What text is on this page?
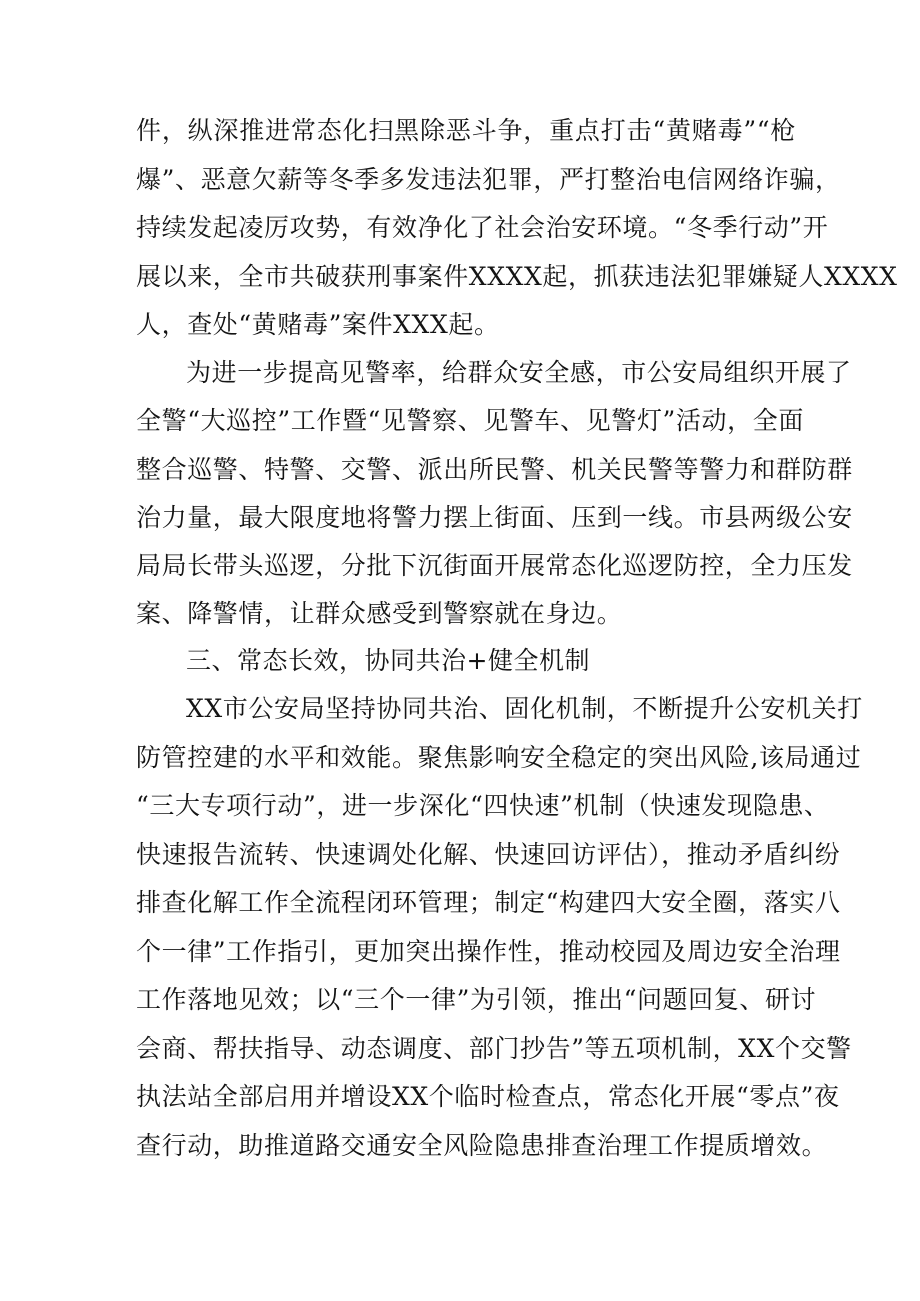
件，纵深推进常态化扫黑除恶斗争，重点打击“黄赌毒”“枪

爆”、恶意欠薪等冬季多发违法犯罪，严打整治电信网络诈骗，

持续发起凌厉攻势，有效净化了社会治安环境。“冬季行动”开

展以来，全市共破获刑事案件XXXX起，抓获违法犯罪嫌疑人XXXX

人，查处“黄赌毒”案件XXX起。

为进一步提高见警率，给群众安全感，市公安局组织开展了

全警“大巡控”工作暨“见警察、见警车、见警灯”活动，全面

整合巡警、特警、交警、派出所民警、机关民警等警力和群防群

治力量，最大限度地将警力摆上街面、压到一线。市县两级公安

局局长带头巡逻，分批下沉街面开展常态化巡逻防控，全力压发

案、降警情，让群众感受到警察就在身边。

三、常态长效，协同共治+健全机制

XX市公安局坚持协同共治、固化机制，不断提升公安机关打

防管控建的水平和效能。聚焦影响安全稳定的突出风险,该局通过

“三大专项行动”，进一步深化“四快速”机制（快速发现隐患、

快速报告流转、快速调处化解、快速回访评估），推动矛盾纠纷

排查化解工作全流程闭环管理；制定“构建四大安全圈，落实八

个一律”工作指引，更加突出操作性，推动校园及周边安全治理

工作落地见效；以“三个一律”为引领，推出“问题回复、研讨

会商、帮扶指导、动态调度、部门抄告”等五项机制，XX个交警

执法站全部启用并增设XX个临时检查点，常态化开展“零点”夜

查行动，助推道路交通安全风险隐患排查治理工作提质增效。
